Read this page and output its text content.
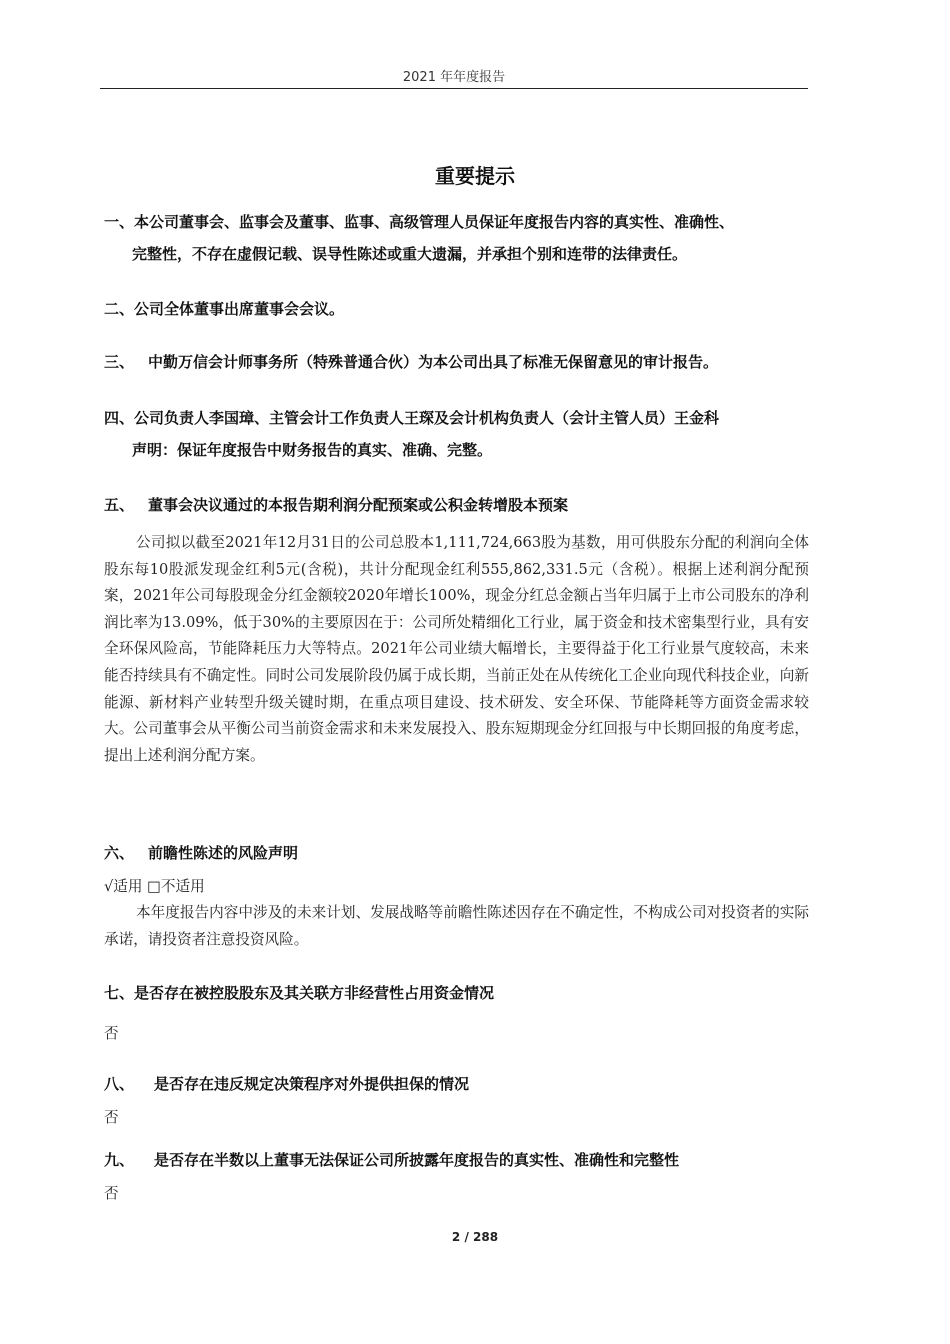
2021 年年度报告
重要提示
一、本公司董事会、监事会及董事、监事、高级管理人员保证年度报告内容的真实性、准确性、
完整性，不存在虚假记载、误导性陈述或重大遗漏，并承担个别和连带的法律责任。
二、公司全体董事出席董事会会议。
三、 中勤万信会计师事务所（特殊普通合伙）为本公司出具了标准无保留意见的审计报告。
四、公司负责人李国璋、主管会计工作负责人王琛及会计机构负责人（会计主管人员）王金科
声明：保证年度报告中财务报告的真实、准确、完整。
五、 董事会决议通过的本报告期利润分配预案或公积金转增股本预案
公司拟以截至2021年12月31日的公司总股本1,111,724,663股为基数，用可供股东分配的利润向全体股东每10股派发现金红利5元(含税)，共计分配现金红利555,862,331.5元（含税）。根据上述利润分配预案，2021年公司每股现金分红金额较2020年增长100%，现金分红总金额占当年归属于上市公司股东的净利润比率为13.09%，低于30%的主要原因在于：公司所处精细化工行业，属于资金和技术密集型行业，具有安全环保风险高，节能降耗压力大等特点。2021年公司业绩大幅增长，主要得益于化工行业景气度较高，未来能否持续具有不确定性。同时公司发展阶段仍属于成长期，当前正处在从传统化工企业向现代科技企业，向新能源、新材料产业转型升级关键时期，在重点项目建设、技术研发、安全环保、节能降耗等方面资金需求较大。公司董事会从平衡公司当前资金需求和未来发展投入、股东短期现金分红回报与中长期回报的角度考虑，提出上述利润分配方案。
六、 前瞻性陈述的风险声明
√适用 □不适用
本年度报告内容中涉及的未来计划、发展战略等前瞻性陈述因存在不确定性，不构成公司对投资者的实际承诺，请投资者注意投资风险。
七、是否存在被控股股东及其关联方非经营性占用资金情况
否
八、 是否存在违反规定决策程序对外提供担保的情况
否
九、 是否存在半数以上董事无法保证公司所披露年度报告的真实性、准确性和完整性
否
2 / 288
